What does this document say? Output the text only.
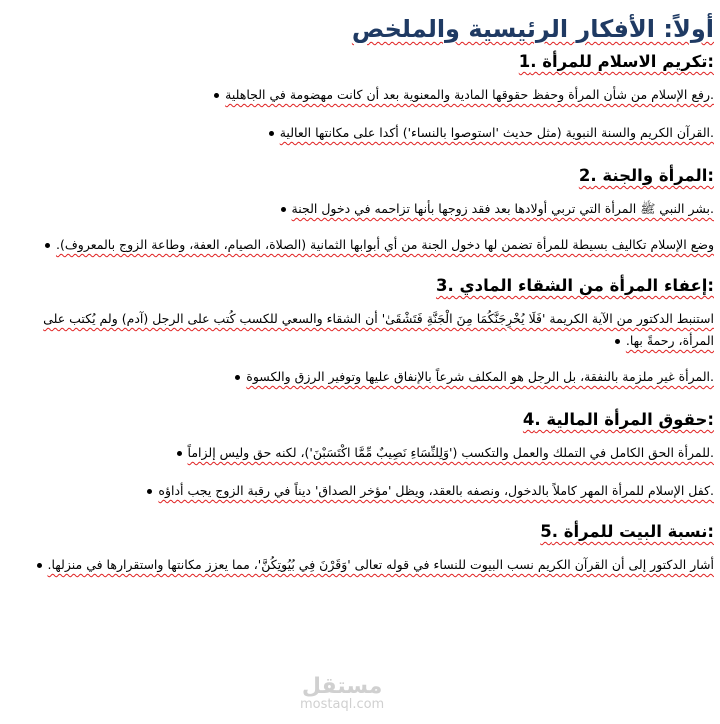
أولاً: الأفكار الرئيسية والملخص
:تكريم الاسلام للمرأة .1
.رفع الإسلام من شأن المرأة وحفظ حقوقها المادية والمعنوية بعد أن كانت مهضومة في الجاهلية
.القرآن الكريم والسنة النبوية (مثل حديث 'استوصوا بالنساء') أكدا على مكانتها العالية
:المرأة والجنة .2
.بشر النبي ﷺ المرأة التي تربي أولادها بعد فقد زوجها بأنها تزاحمه في دخول الجنة
وضع الإسلام تكاليف بسيطة للمرأة تضمن لها دخول الجنة من أي أبوابها الثمانية (الصلاة، الصيام، العفة، وطاعة الزوج بالمعروف).
:إعفاء المرأة من الشقاء المادي .3
استنبط الدكتور من الآية الكريمة 'فَلَا يُخْرِجَنَّكُمَا مِنَ الْجَنَّةِ فَتَشْقَىٰ' أن الشقاء والسعي للكسب كُتب على الرجل (آدم) ولم يُكتب على المرأة، رحمةً بها.
.المرأة غير ملزمة بالنفقة، بل الرجل هو المكلف شرعاً بالإنفاق عليها وتوفير الرزق والكسوة
:حقوق المرأة المالية .4
.للمرأة الحق الكامل في التملك والعمل والتكسب ('وَلِلنِّسَاءِ نَصِيبٌ مِّمَّا اكْتَسَبْنَ')، لكنه حق وليس إلزاماً
.كفل الإسلام للمرأة المهر كاملاً بالدخول، ونصفه بالعقد، ويظل 'مؤخر الصداق' ديناً في رقبة الزوج يجب أداؤه
:نسبة البيت للمرأة .5
أشار الدكتور إلى أن القرآن الكريم نسب البيوت للنساء في قوله تعالى 'وَقَرْنَ فِي بُيُوتِكُنَّ'، مما يعزز مكانتها واستقرارها في منزلها.
مستقل
mostaql.com
